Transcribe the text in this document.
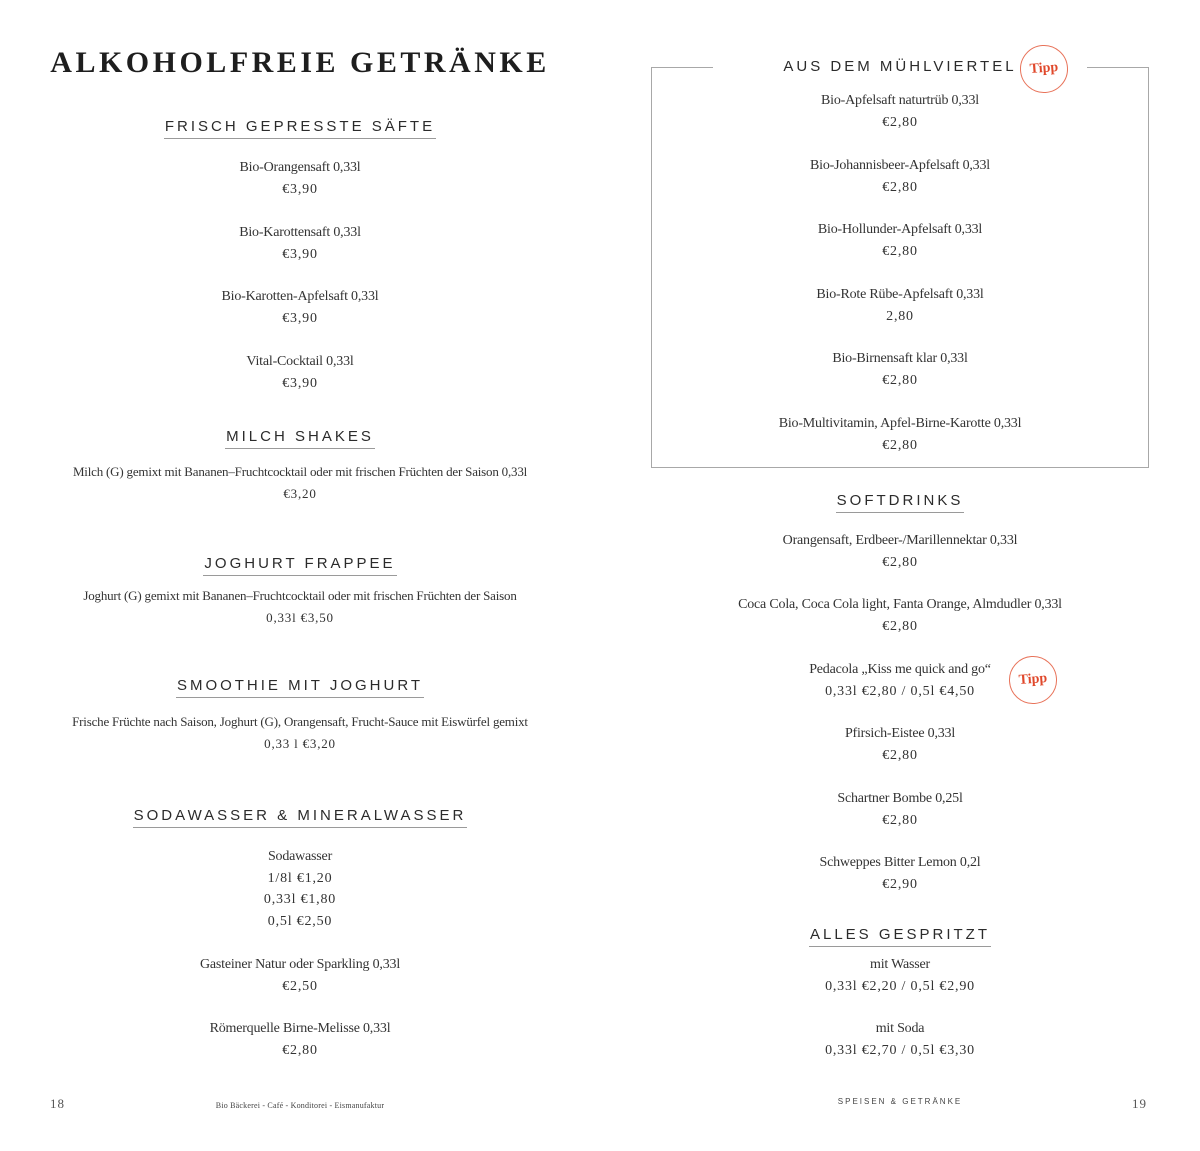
ALKOHOLFREIE GETRÄNKE
FRISCH GEPRESSTE SÄFTE
Bio-Orangensaft 0,33l
€3,90
Bio-Karottensaft 0,33l
€3,90
Bio-Karotten-Apfelsaft 0,33l
€3,90
Vital-Cocktail 0,33l
€3,90
MILCH SHAKES
Milch (G) gemixt mit Bananen–Fruchtcocktail oder mit frischen Früchten der Saison 0,33l
€3,20
JOGHURT FRAPPEE
Joghurt (G) gemixt mit Bananen–Fruchtcocktail oder mit frischen Früchten der Saison
0,33l €3,50
SMOOTHIE MIT JOGHURT
Frische Früchte nach Saison, Joghurt (G), Orangensaft, Frucht-Sauce mit Eiswürfel gemixt
0,33 l €3,20
SODAWASSER & MINERALWASSER
Sodawasser
1/8l €1,20
0,33l €1,80
0,5l €2,50
Gasteiner Natur oder Sparkling 0,33l
€2,50
Römerquelle Birne-Melisse 0,33l
€2,80
18	Bio Bäckerei - Café - Konditorei - Eismanufaktur
AUS DEM MÜHLVIERTEL Tipp
Bio-Apfelsaft naturtrüb 0,33l
€2,80
Bio-Johannisbeer-Apfelsaft 0,33l
€2,80
Bio-Hollunder-Apfelsaft 0,33l
€2,80
Bio-Rote Rübe-Apfelsaft 0,33l
2,80
Bio-Birnensaft klar 0,33l
€2,80
Bio-Multivitamin, Apfel-Birne-Karotte 0,33l
€2,80
SOFTDRINKS
Orangensaft, Erdbeer-/Marillennektar 0,33l
€2,80
Coca Cola, Coca Cola light, Fanta Orange, Almdudler 0,33l
€2,80
Pedacola „Kiss me quick and go“
0,33l €2,80 / 0,5l €4,50
Tipp
Pfirsich-Eistee 0,33l
€2,80
Schartner Bombe 0,25l
€2,80
Schweppes Bitter Lemon 0,2l
€2,90
ALLES GESPRITZT
mit Wasser
0,33l €2,20 / 0,5l €2,90
mit Soda
0,33l €2,70 / 0,5l €3,30
SPEISEN & GETRÄNKE	19
